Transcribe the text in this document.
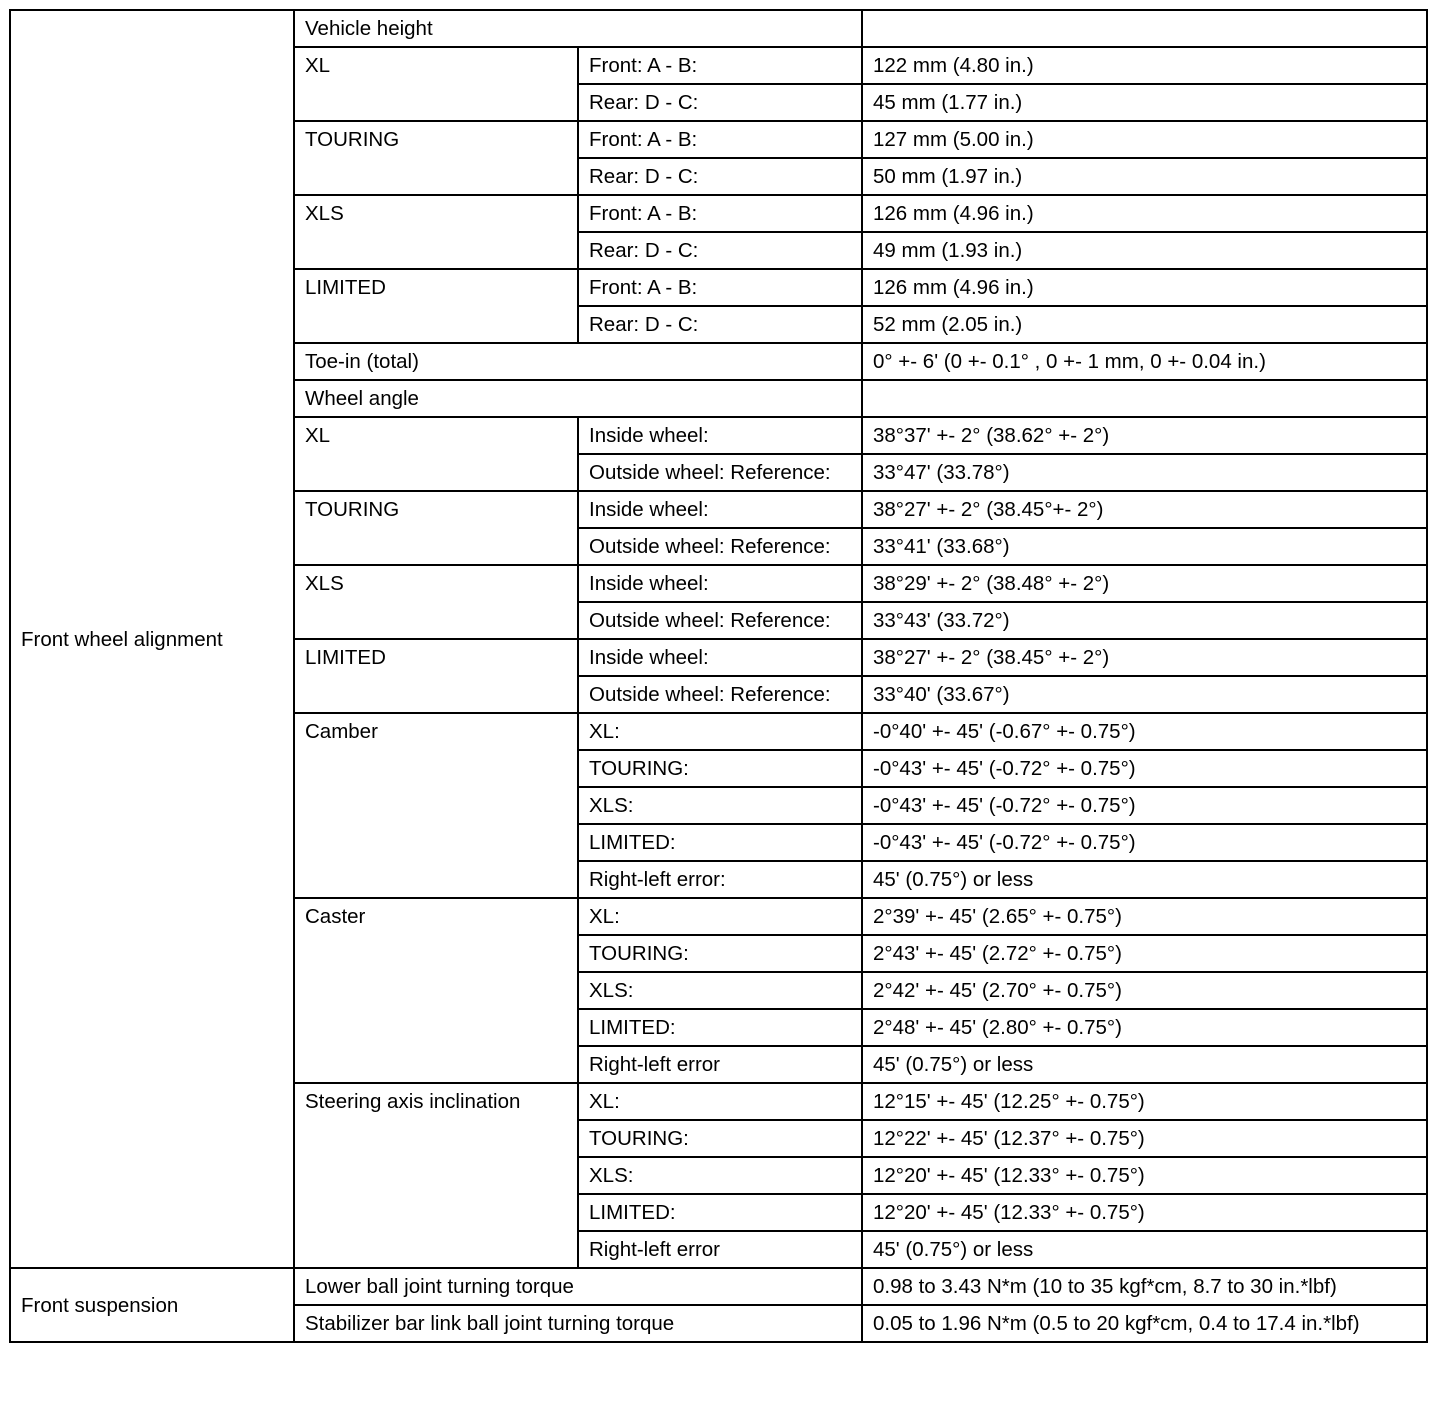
Front wheel alignment	Vehicle height		
	XL	Front: A - B:	122 mm (4.80 in.)
		Rear: D - C:	45 mm (1.77 in.)
	TOURING	Front: A - B:	127 mm (5.00 in.)
		Rear: D - C:	50 mm (1.97 in.)
	XLS	Front: A - B:	126 mm (4.96 in.)
		Rear: D - C:	49 mm (1.93 in.)
	LIMITED	Front: A - B:	126 mm (4.96 in.)
		Rear: D - C:	52 mm (2.05 in.)
	Toe-in (total)		0° +- 6' (0 +- 0.1° , 0 +- 1 mm, 0 +- 0.04 in.)
	Wheel angle		
	XL	Inside wheel:	38°37' +- 2° (38.62° +- 2°)
		Outside wheel: Reference:	33°47' (33.78°)
	TOURING	Inside wheel:	38°27' +- 2° (38.45°+- 2°)
		Outside wheel: Reference:	33°41' (33.68°)
	XLS	Inside wheel:	38°29' +- 2° (38.48° +- 2°)
		Outside wheel: Reference:	33°43' (33.72°)
	LIMITED	Inside wheel:	38°27' +- 2° (38.45° +- 2°)
		Outside wheel: Reference:	33°40' (33.67°)
	Camber	XL:	-0°40' +- 45' (-0.67° +- 0.75°)
		TOURING:	-0°43' +- 45' (-0.72° +- 0.75°)
		XLS:	-0°43' +- 45' (-0.72° +- 0.75°)
		LIMITED:	-0°43' +- 45' (-0.72° +- 0.75°)
		Right-left error:	45' (0.75°) or less
	Caster	XL:	2°39' +- 45' (2.65° +- 0.75°)
		TOURING:	2°43' +- 45' (2.72° +- 0.75°)
		XLS:	2°42' +- 45' (2.70° +- 0.75°)
		LIMITED:	2°48' +- 45' (2.80° +- 0.75°)
		Right-left error	45' (0.75°) or less
	Steering axis inclination	XL:	12°15' +- 45' (12.25° +- 0.75°)
		TOURING:	12°22' +- 45' (12.37° +- 0.75°)
		XLS:	12°20' +- 45' (12.33° +- 0.75°)
		LIMITED:	12°20' +- 45' (12.33° +- 0.75°)
		Right-left error	45' (0.75°) or less
Front suspension	Lower ball joint turning torque		0.98 to 3.43 N*m (10 to 35 kgf*cm, 8.7 to 30 in.*lbf)
	Stabilizer bar link ball joint turning torque		0.05 to 1.96 N*m (0.5 to 20 kgf*cm, 0.4 to 17.4 in.*lbf)
